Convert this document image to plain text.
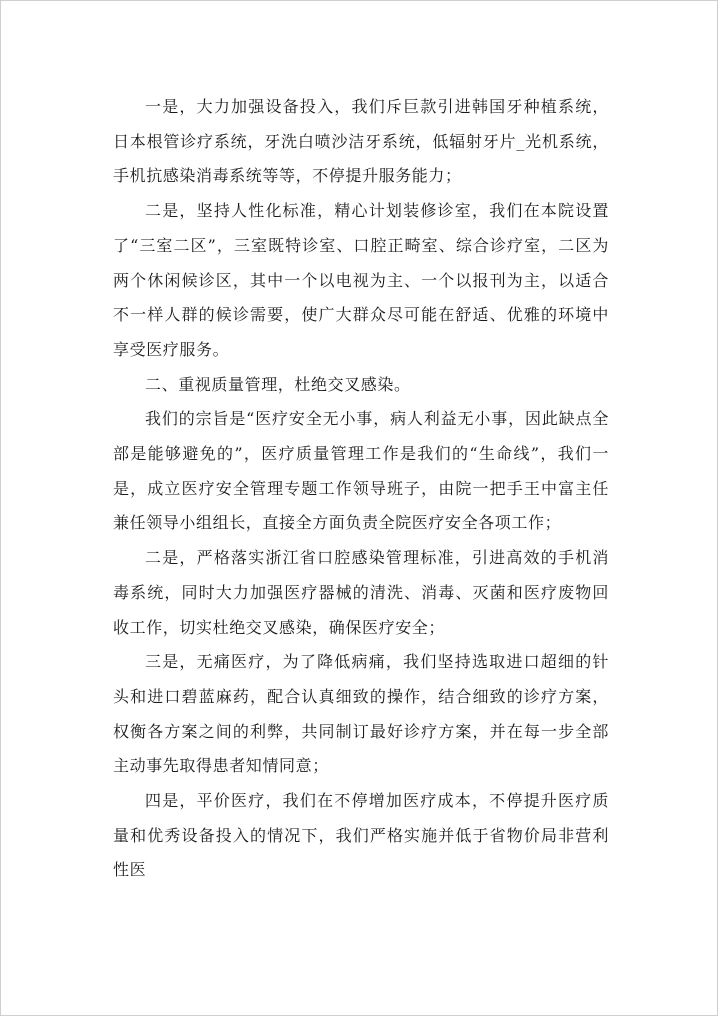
一是，大力加强设备投入，我们斥巨款引进韩国牙种植系统，日本根管诊疗系统，牙洗白喷沙洁牙系统，低辐射牙片_光机系统，手机抗感染消毒系统等等，不停提升服务能力；

二是，坚持人性化标准，精心计划装修诊室，我们在本院设置了“三室二区”，三室既特诊室、口腔正畸室、综合诊疗室，二区为两个休闲候诊区，其中一个以电视为主、一个以报刊为主，以适合不一样人群的候诊需要，使广大群众尽可能在舒适、优雅的环境中享受医疗服务。

二、重视质量管理，杜绝交叉感染。

我们的宗旨是“医疗安全无小事，病人利益无小事，因此缺点全部是能够避免的”，医疗质量管理工作是我们的“生命线”，我们一是，成立医疗安全管理专题工作领导班子，由院一把手王中富主任兼任领导小组组长，直接全方面负责全院医疗安全各项工作；

二是，严格落实浙江省口腔感染管理标准，引进高效的手机消毒系统，同时大力加强医疗器械的清洗、消毒、灭菌和医疗废物回收工作，切实杜绝交叉感染，确保医疗安全；

三是，无痛医疗，为了降低病痛，我们坚持选取进口超细的针头和进口碧蓝麻药，配合认真细致的操作，结合细致的诊疗方案，权衡各方案之间的利弊，共同制订最好诊疗方案，并在每一步全部主动事先取得患者知情同意；

四是，平价医疗，我们在不停增加医疗成本，不停提升医疗质量和优秀设备投入的情况下，我们严格实施并低于省物价局非营利性医
